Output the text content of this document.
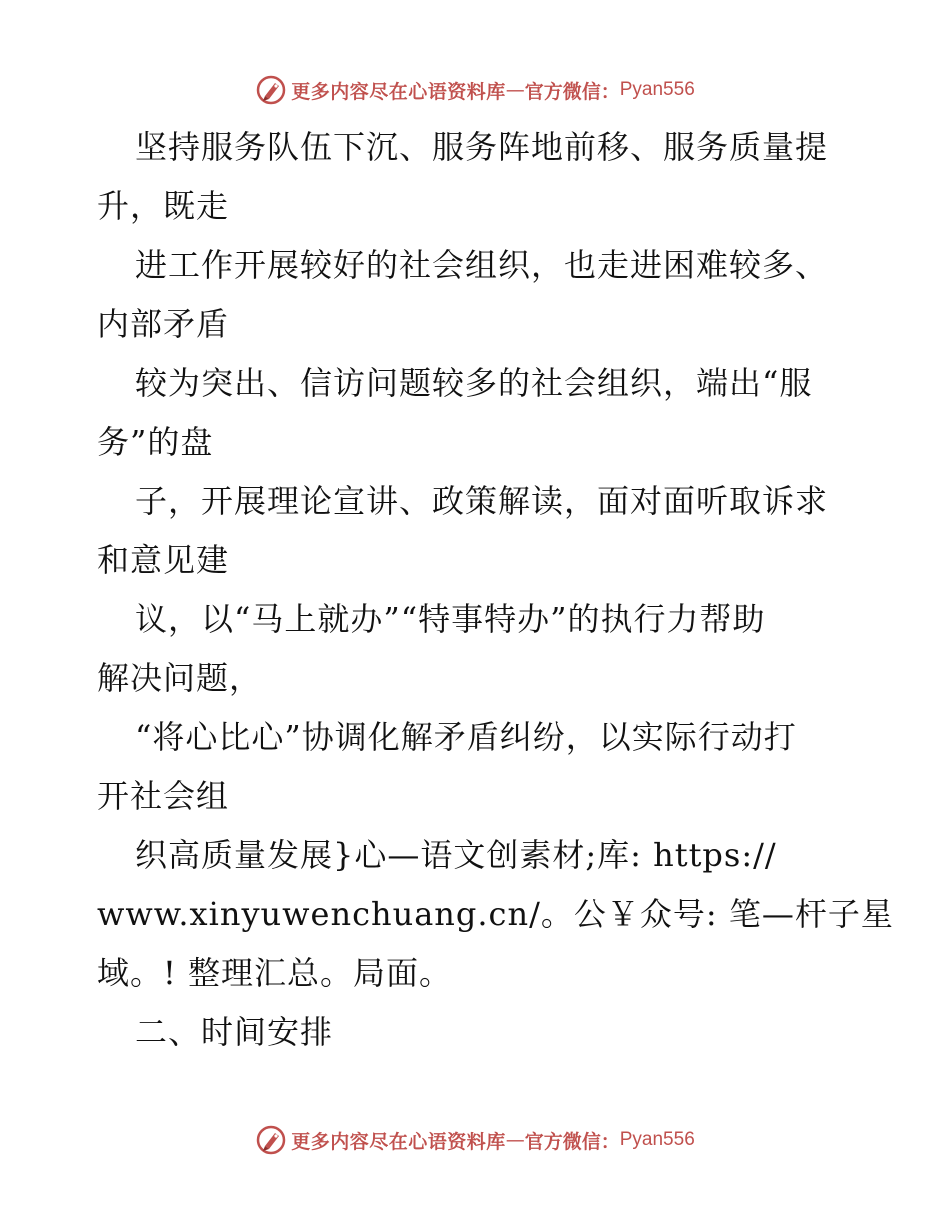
更多内容尽在心语资料库 — 官方微信： Pyan556
坚持服务队伍下沉、服务阵地前移、服务质量提
升，既走
进工作开展较好的社会组织，也走进困难较多、
内部矛盾
较为突出、信访问题较多的社会组织，端出“服
务”的盘
子，开展理论宣讲、政策解读，面对面听取诉求
和意见建
议，以“马上就办”“特事特办”的执行力帮助
解决问题，
“将心比心”协调化解矛盾纠纷，以实际行动打
开社会组
织高质量发展}心—语文创素材;库: https://
www.xinyuwenchuang.cn/。公￥众号: 笔—杆子星
域。! 整理汇总。局面。
二、时间安排
更多内容尽在心语资料库 — 官方微信： Pyan556
